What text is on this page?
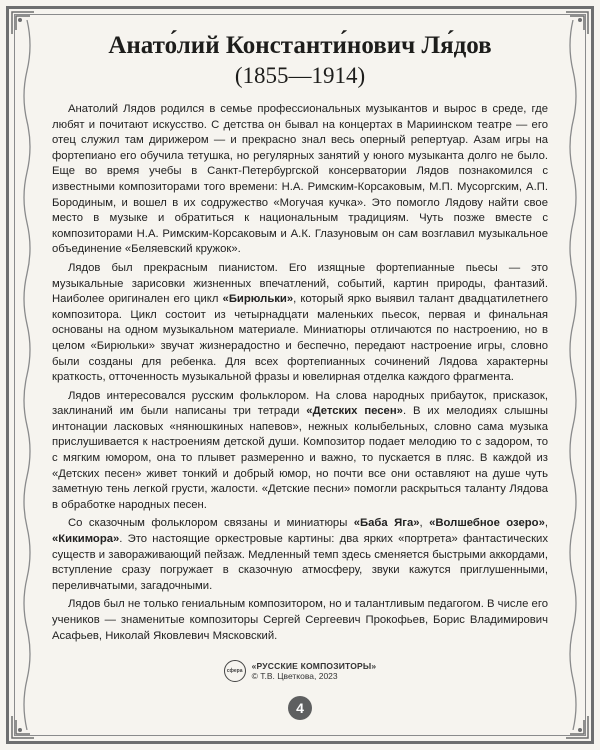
Анато́лий Константи́нович Ля́дов
(1855—1914)

Анатолий Лядов родился в семье профессиональных музыкантов и вырос в среде, где любят и почитают искусство. С детства он бывал на концертах в Мариинском театре — его отец служил там дирижером — и прекрасно знал весь оперный репертуар. Азам игры на фортепиано его обучила тетушка, но регулярных занятий у юного музыканта долго не было. Еще во время учебы в Санкт-Петербургской консерватории Лядов познакомился с известными композиторами того времени: Н.А. Римским-Корсаковым, М.П. Мусоргским, А.П. Бородиным, и вошел в их содружество «Могучая кучка». Это помогло Лядову найти свое место в музыке и обратиться к национальным традициям. Чуть позже вместе с композиторами Н.А. Римским-Корсаковым и А.К. Глазуновым он сам возглавил музыкальное объединение «Беляевский кружок».

Лядов был прекрасным пианистом. Его изящные фортепианные пьесы — это музыкальные зарисовки жизненных впечатлений, событий, картин природы, фантазий. Наиболее оригинален его цикл «Бирюльки», который ярко выявил талант двадцатилетнего композитора. Цикл состоит из четырнадцати маленьких пьесок, первая и финальная основаны на одном музыкальном материале. Миниатюры отличаются по настроению, но в целом «Бирюльки» звучат жизнерадостно и беспечно, передают настроение игры, словно были созданы для ребенка. Для всех фортепианных сочинений Лядова характерны краткость, отточенность музыкальной фразы и ювелирная отделка каждого фрагмента.

Лядов интересовался русским фольклором. На слова народных прибауток, присказок, заклинаний им были написаны три тетради «Детских песен». В их мелодиях слышны интонации ласковых «нянюшкиных напевов», нежных колыбельных, словно сама музыка прислушивается к настроениям детской души. Композитор подает мелодию то с задором, то с мягким юмором, она то плывет размеренно и важно, то пускается в пляс. В каждой из «Детских песен» живет тонкий и добрый юмор, но почти все они оставляют на душе чуть заметную тень легкой грусти, жалости. «Детские песни» помогли раскрыться таланту Лядова в обработке народных песен.

Со сказочным фольклором связаны и миниатюры «Баба Яга», «Волшебное озеро», «Кикимора». Это настоящие оркестровые картины: два ярких «портрета» фантастических существ и завораживающий пейзаж. Медленный темп здесь сменяется быстрыми аккордами, вступление сразу погружает в сказочную атмосферу, звуки кажутся приглушенными, переливчатыми, загадочными.

Лядов был не только гениальным композитором, но и талантливым педагогом. В числе его учеников — знаменитые композиторы Сергей Сергеевич Прокофьев, Борис Владимирович Асафьев, Николай Яковлевич Мясковский.

сфера «РУССКИЕ КОМПОЗИТОРЫ»
© Т.В. Цветкова, 2023
4
